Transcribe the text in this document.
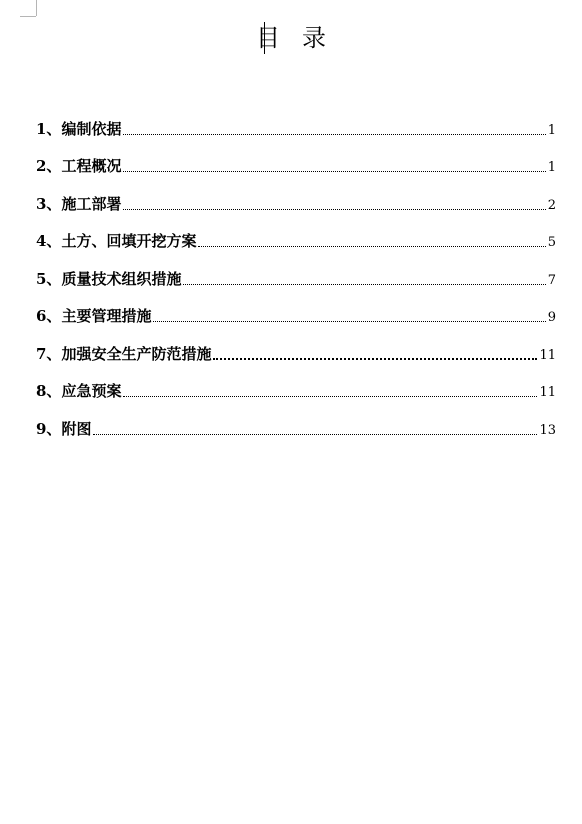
目 录
1、 编制依据	1
2、 工程概况	1
3、 施工部署	2
4、 土方、回填开挖方案	5
5、 质量技术组织措施	7
6、 主要管理措施	9
7、 加强安全生产防范措施	11
8、 应急预案	11
9、 附图	13
